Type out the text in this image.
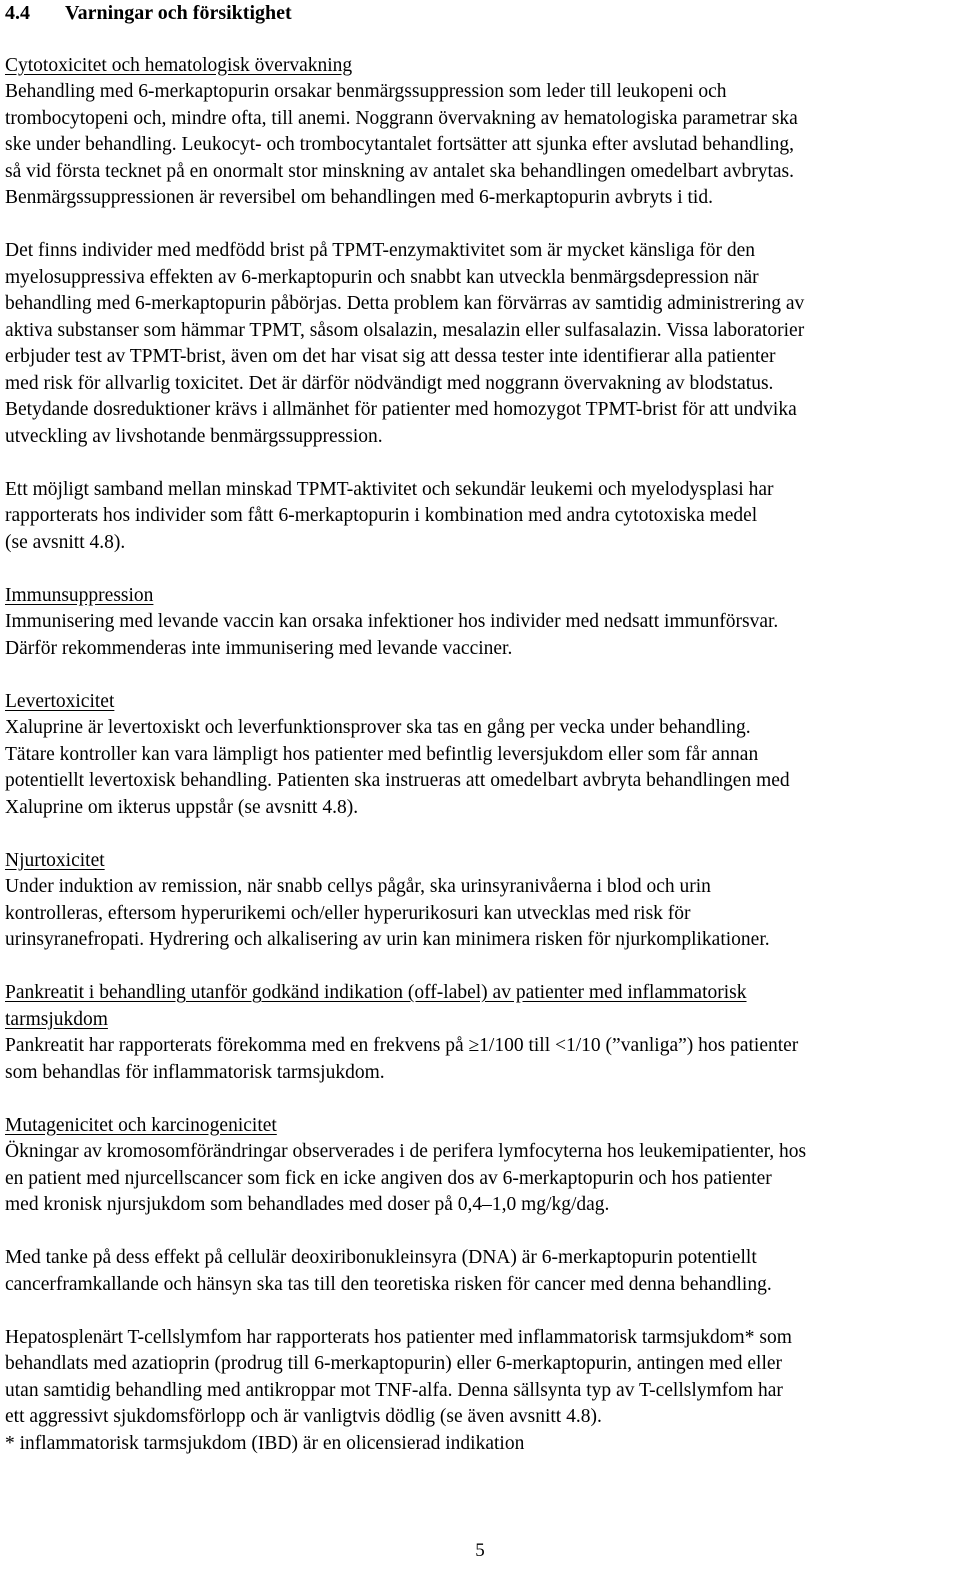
4.4 Varningar och försiktighet
Cytotoxicitet och hematologisk övervakning
Behandling med 6-merkaptopurin orsakar benmärgssuppression som leder till leukopeni och
trombocytopeni och, mindre ofta, till anemi. Noggrann övervakning av hematologiska parametrar ska
ske under behandling. Leukocyt- och trombocytantalet fortsätter att sjunka efter avslutad behandling,
så vid första tecknet på en onormalt stor minskning av antalet ska behandlingen omedelbart avbrytas.
Benmärgssuppressionen är reversibel om behandlingen med 6-merkaptopurin avbryts i tid.
Det finns individer med medfödd brist på TPMT-enzymaktivitet som är mycket känsliga för den
myelosuppressiva effekten av 6-merkaptopurin och snabbt kan utveckla benmärgsdepression när
behandling med 6-merkaptopurin påbörjas. Detta problem kan förvärras av samtidig administrering av
aktiva substanser som hämmar TPMT, såsom olsalazin, mesalazin eller sulfasalazin. Vissa laboratorier
erbjuder test av TPMT-brist, även om det har visat sig att dessa tester inte identifierar alla patienter
med risk för allvarlig toxicitet. Det är därför nödvändigt med noggrann övervakning av blodstatus.
Betydande dosreduktioner krävs i allmänhet för patienter med homozygot TPMT-brist för att undvika
utveckling av livshotande benmärgssuppression.
Ett möjligt samband mellan minskad TPMT-aktivitet och sekundär leukemi och myelodysplasi har
rapporterats hos individer som fått 6-merkaptopurin i kombination med andra cytotoxiska medel
(se avsnitt 4.8).
Immunsuppression
Immunisering med levande vaccin kan orsaka infektioner hos individer med nedsatt immunförsvar.
Därför rekommenderas inte immunisering med levande vacciner.
Levertoxicitet
Xaluprine är levertoxiskt och leverfunktionsprover ska tas en gång per vecka under behandling.
Tätare kontroller kan vara lämpligt hos patienter med befintlig leversjukdom eller som får annan
potentiellt levertoxisk behandling. Patienten ska instrueras att omedelbart avbryta behandlingen med
Xaluprine om ikterus uppstår (se avsnitt 4.8).
Njurtoxicitet
Under induktion av remission, när snabb cellys pågår, ska urinsyranivåerna i blod och urin
kontrolleras, eftersom hyperurikemi och/eller hyperurikosuri kan utvecklas med risk för
urinsyranefropati. Hydrering och alkalisering av urin kan minimera risken för njurkomplikationer.
Pankreatit i behandling utanför godkänd indikation (off-label) av patienter med inflammatorisk
tarmsjukdom
Pankreatit har rapporterats förekomma med en frekvens på ≥1/100 till <1/10 (”vanliga”) hos patienter
som behandlas för inflammatorisk tarmsjukdom.
Mutagenicitet och karcinogenicitet
Ökningar av kromosomförändringar observerades i de perifera lymfocyterna hos leukemipatienter, hos
en patient med njurcellscancer som fick en icke angiven dos av 6-merkaptopurin och hos patienter
med kronisk njursjukdom som behandlades med doser på 0,4–1,0 mg/kg/dag.
Med tanke på dess effekt på cellulär deoxiribonukleinsyra (DNA) är 6-merkaptopurin potentiellt
cancerframkallande och hänsyn ska tas till den teoretiska risken för cancer med denna behandling.
Hepatosplenärt T-cellslymfom har rapporterats hos patienter med inflammatorisk tarmsjukdom* som
behandlats med azatioprin (prodrug till 6-merkaptopurin) eller 6-merkaptopurin, antingen med eller
utan samtidig behandling med antikroppar mot TNF-alfa. Denna sällsynta typ av T-cellslymfom har
ett aggressivt sjukdomsförlopp och är vanligtvis dödlig (se även avsnitt 4.8).
* inflammatorisk tarmsjukdom (IBD) är en olicensierad indikation
5
